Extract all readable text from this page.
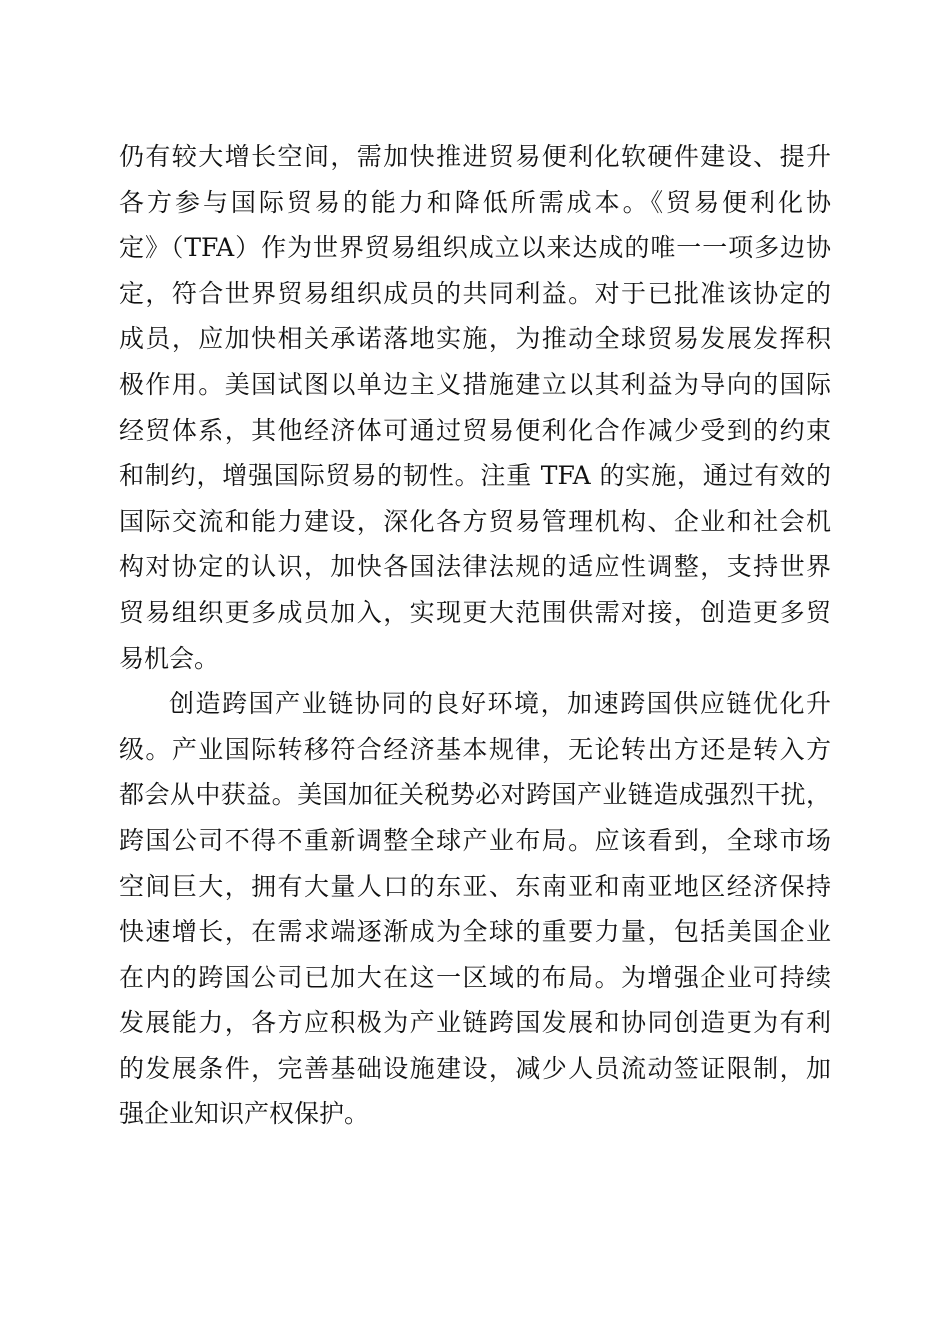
仍有较大增长空间，需加快推进贸易便利化软硬件建设、提升
各方参与国际贸易的能力和降低所需成本。《贸易便利化协
定》（TFA）作为世界贸易组织成立以来达成的唯一一项多边协
定，符合世界贸易组织成员的共同利益。对于已批准该协定的
成员，应加快相关承诺落地实施，为推动全球贸易发展发挥积
极作用。美国试图以单边主义措施建立以其利益为导向的国际
经贸体系，其他经济体可通过贸易便利化合作减少受到的约束
和制约，增强国际贸易的韧性。注重 TFA 的实施，通过有效的
国际交流和能力建设，深化各方贸易管理机构、企业和社会机
构对协定的认识，加快各国法律法规的适应性调整，支持世界
贸易组织更多成员加入，实现更大范围供需对接，创造更多贸
易机会。
创造跨国产业链协同的良好环境，加速跨国供应链优化升
级。产业国际转移符合经济基本规律，无论转出方还是转入方
都会从中获益。美国加征关税势必对跨国产业链造成强烈干扰，
跨国公司不得不重新调整全球产业布局。应该看到，全球市场
空间巨大，拥有大量人口的东亚、东南亚和南亚地区经济保持
快速增长，在需求端逐渐成为全球的重要力量，包括美国企业
在内的跨国公司已加大在这一区域的布局。为增强企业可持续
发展能力，各方应积极为产业链跨国发展和协同创造更为有利
的发展条件，完善基础设施建设，减少人员流动签证限制，加
强企业知识产权保护。
